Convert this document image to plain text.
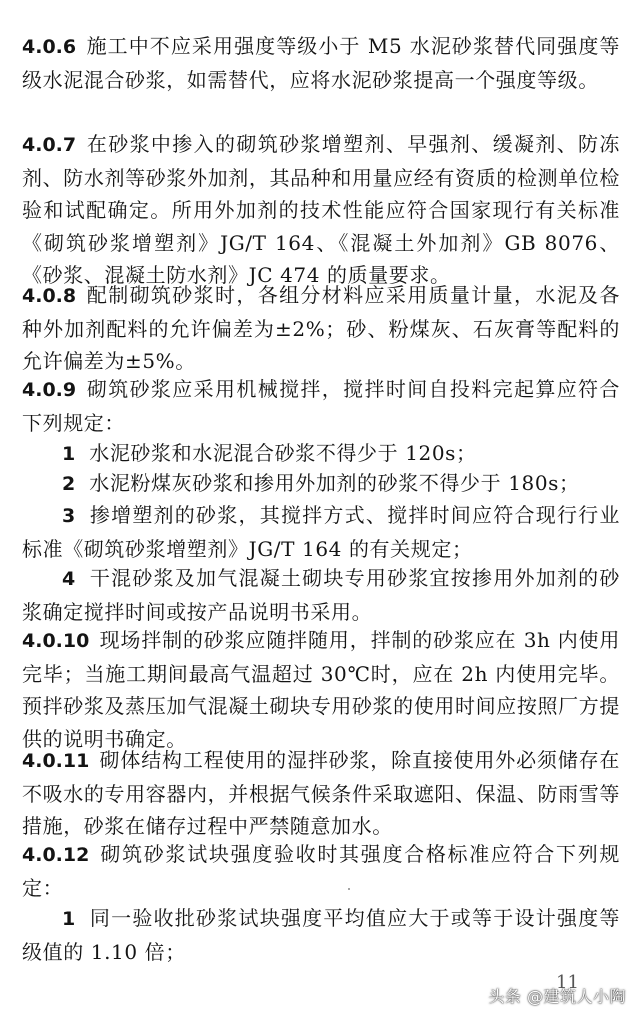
4.0.6 施工中不应采用强度等级小于 M5 水泥砂浆替代同强度等级水泥混合砂浆，如需替代，应将水泥砂浆提高一个强度等级。
4.0.7 在砂浆中掺入的砌筑砂浆增塑剂、早强剂、缓凝剂、防冻剂、防水剂等砂浆外加剂，其品种和用量应经有资质的检测单位检验和试配确定。所用外加剂的技术性能应符合国家现行有关标准《砌筑砂浆增塑剂》JG/T 164、《混凝土外加剂》GB 8076、《砂浆、混凝土防水剂》JC 474 的质量要求。
4.0.8 配制砌筑砂浆时，各组分材料应采用质量计量，水泥及各种外加剂配料的允许偏差为±2%；砂、粉煤灰、石灰膏等配料的允许偏差为±5%。
4.0.9 砌筑砂浆应采用机械搅拌，搅拌时间自投料完起算应符合下列规定：
1 水泥砂浆和水泥混合砂浆不得少于 120s；
2 水泥粉煤灰砂浆和掺用外加剂的砂浆不得少于 180s；
3 掺增塑剂的砂浆，其搅拌方式、搅拌时间应符合现行行业标准《砌筑砂浆增塑剂》JG/T 164 的有关规定；
4 干混砂浆及加气混凝土砌块专用砂浆宜按掺用外加剂的砂浆确定搅拌时间或按产品说明书采用。
4.0.10 现场拌制的砂浆应随拌随用，拌制的砂浆应在 3h 内使用完毕；当施工期间最高气温超过 30℃时，应在 2h 内使用完毕。预拌砂浆及蒸压加气混凝土砌块专用砂浆的使用时间应按照厂方提供的说明书确定。
4.0.11 砌体结构工程使用的湿拌砂浆，除直接使用外必须储存在不吸水的专用容器内，并根据气候条件采取遮阳、保温、防雨雪等措施，砂浆在储存过程中严禁随意加水。
4.0.12 砌筑砂浆试块强度验收时其强度合格标准应符合下列规定：
1 同一验收批砂浆试块强度平均值应大于或等于设计强度等级值的 1.10 倍；
11
头条 @建筑人小陶
